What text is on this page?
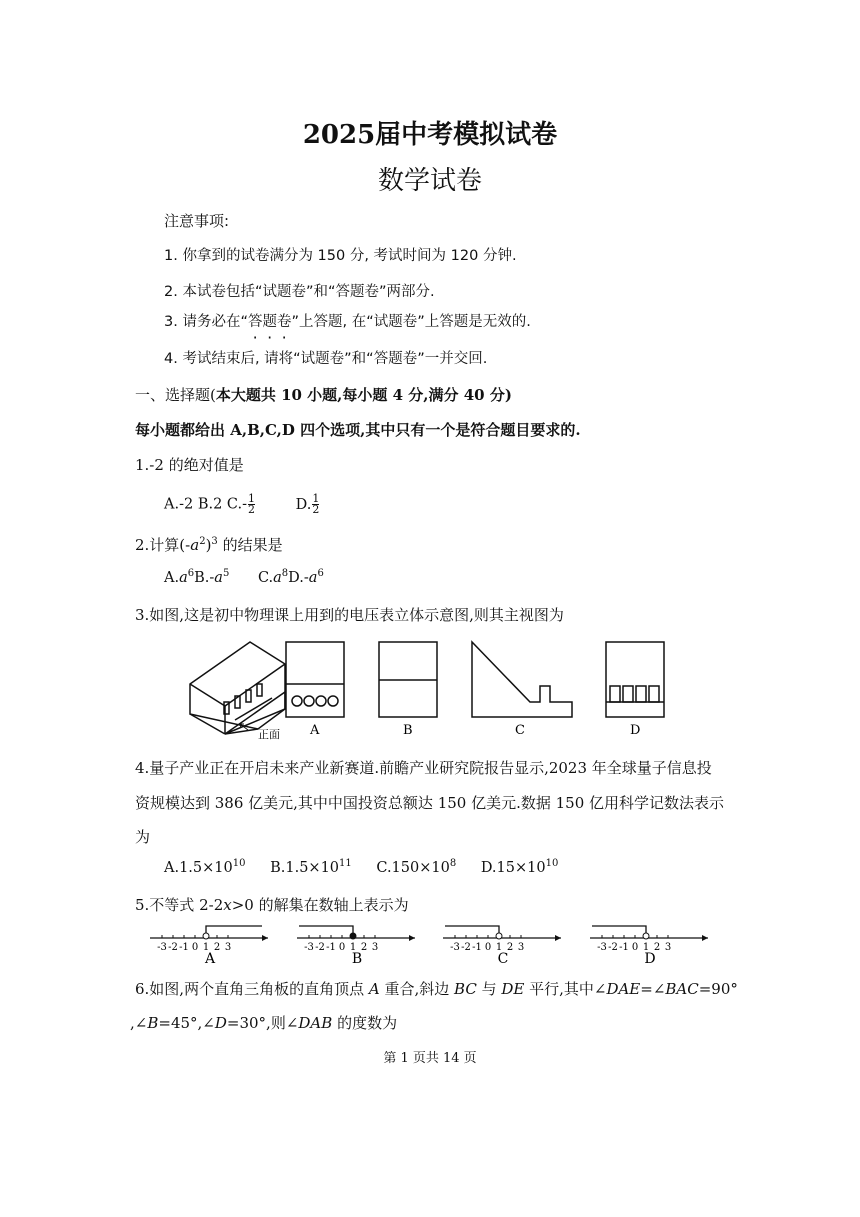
2025届中考模拟试卷
数学试卷
注意事项:
1. 你拿到的试卷满分为 150 分, 考试时间为 120 分钟.
2. 本试卷包括“试题卷”和“答题卷”两部分.
3. 请务必在“答题卷”上答题, 在“试题卷”上答题是无效的.
4. 考试结束后, 请将“试题卷”和“答题卷”一并交回.
一、选择题(本大题共 10 小题,每小题 4 分,满分 40 分)
每小题都给出 A,B,C,D 四个选项,其中只有一个是符合题目要求的.
1.-2 的绝对值是
A.-2 B.2 $C.- \frac{1}{2}$	D. $\frac{1}{2}$
2.计算$(-a^2)^3$ 的结果是
$A.a^6B.-a^5$ $C.a^8D.-a^6$
3.如图,这是初中物理课上用到的电压表立体示意图,则其主视图为
正面 A	B	C	D
4.量子产业正在开启未来产业新赛道.前瞻产业研究院报告显示,2023 年全球量子信息投
资规模达到 386 亿美元,其中中国投资总额达 150 亿美元.数据 150 亿用科学记数法表示
为
$A.1.5\times 10^{10}$ $B.1.5\times 10^{11}$ $C.150\times 10^8$ $D.15\times 10^{10}$
5.不等式 2-2x>0 的解集在数轴上表示为
-3 -2 -1 0 1 2 3
A
-3 -2 -1 0 1 2 3
B
-3 -2 -1 0 1 2 3
C
-3 -2 -1 0 1 2 3
D
6.如图,两个直角三角板的直角顶点 A 重合,斜边 BC 与 DE 平行,其中∠DAE=∠BAC=90°
,∠B=45°,∠D=30°,则∠DAB 的度数为
第 1 页共 14 页
